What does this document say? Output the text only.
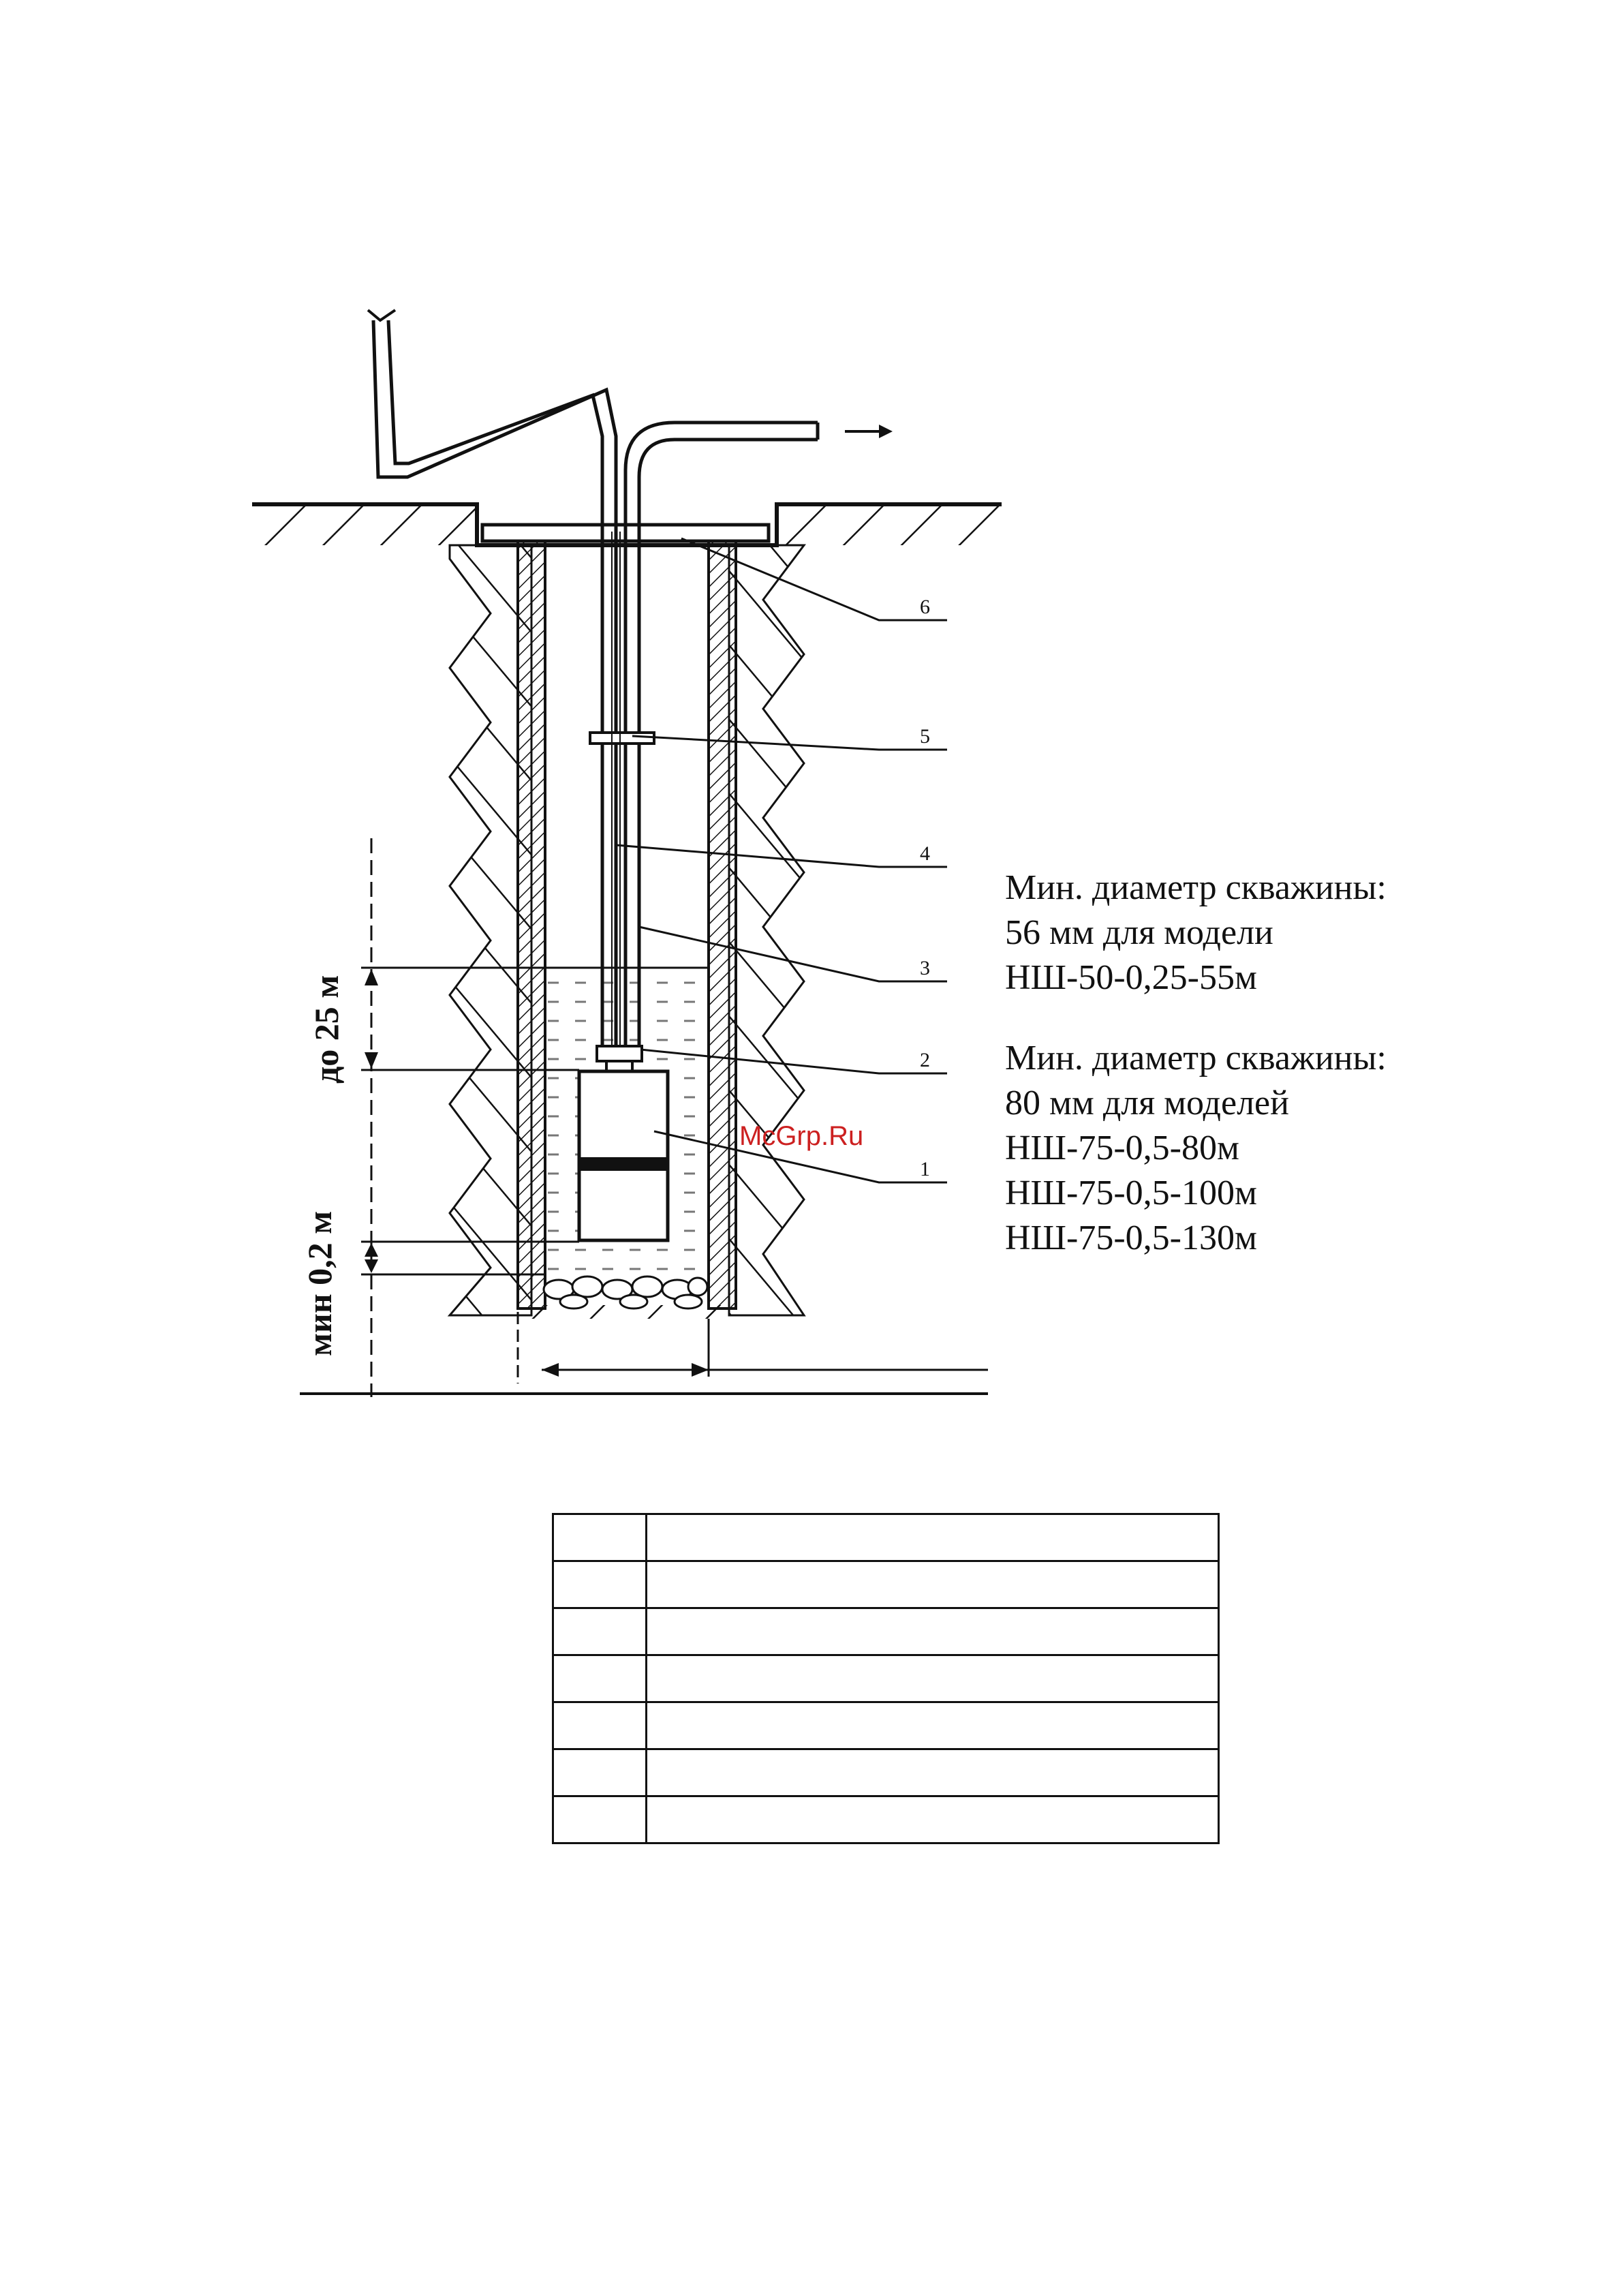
6
5
4
3
2
1
до 25 м
мин 0,2 м
Мин. диаметр скважины:
56 мм для модели
НШ-50-0,25-55м
Мин. диаметр скважины:
80 мм для моделей
НШ-75-0,5-80м
НШ-75-0,5-100м
НШ-75-0,5-130м
McGrp.Ru
